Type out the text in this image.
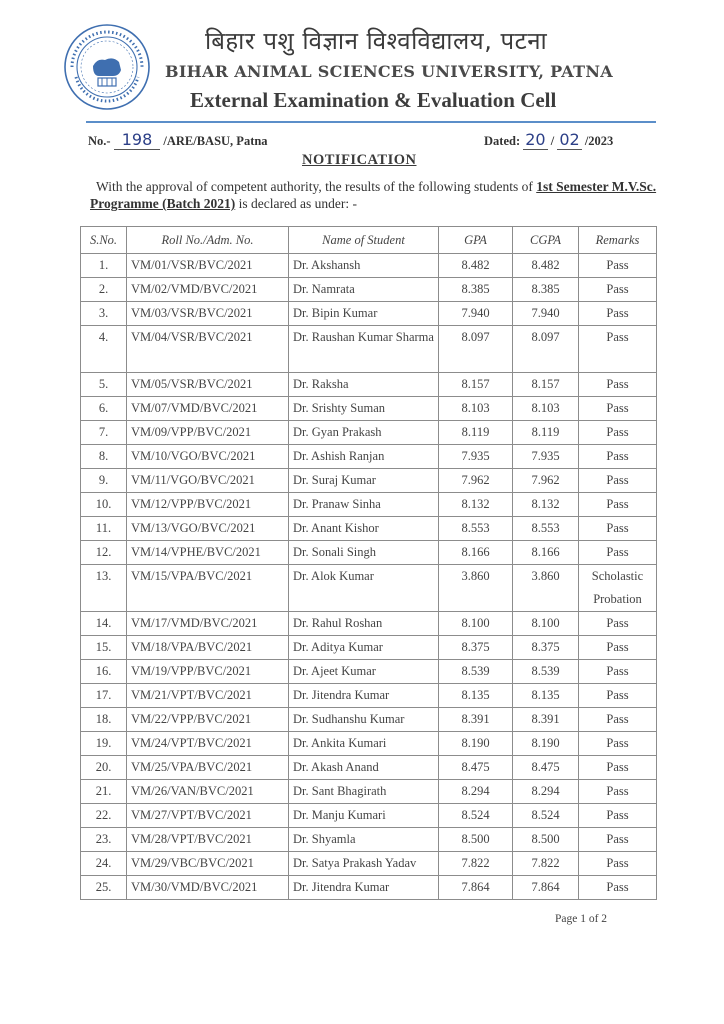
बिहार पशु विज्ञान विश्वविद्यालय, पटना
BIHAR ANIMAL SCIENCES UNIVERSITY, PATNA
External Examination & Evaluation Cell
No.- 198 /ARE/BASU, Patna	Dated: 20 / 02 /2023
NOTIFICATION
With the approval of competent authority, the results of the following students of 1st Semester M.V.Sc. Programme (Batch 2021) is declared as under: -
S.No.	Roll No./Adm. No.	Name of Student	GPA	CGPA	Remarks
1.	VM/01/VSR/BVC/2021	Dr. Akshansh	8.482	8.482	Pass
2.	VM/02/VMD/BVC/2021	Dr. Namrata	8.385	8.385	Pass
3.	VM/03/VSR/BVC/2021	Dr. Bipin Kumar	7.940	7.940	Pass
4.	VM/04/VSR/BVC/2021	Dr. Raushan Kumar Sharma	8.097	8.097	Pass
5.	VM/05/VSR/BVC/2021	Dr. Raksha	8.157	8.157	Pass
6.	VM/07/VMD/BVC/2021	Dr. Srishty Suman	8.103	8.103	Pass
7.	VM/09/VPP/BVC/2021	Dr. Gyan Prakash	8.119	8.119	Pass
8.	VM/10/VGO/BVC/2021	Dr. Ashish Ranjan	7.935	7.935	Pass
9.	VM/11/VGO/BVC/2021	Dr. Suraj Kumar	7.962	7.962	Pass
10.	VM/12/VPP/BVC/2021	Dr. Pranaw Sinha	8.132	8.132	Pass
11.	VM/13/VGO/BVC/2021	Dr. Anant Kishor	8.553	8.553	Pass
12.	VM/14/VPHE/BVC/2021	Dr. Sonali Singh	8.166	8.166	Pass
13.	VM/15/VPA/BVC/2021	Dr. Alok Kumar	3.860	3.860	Scholastic Probation
14.	VM/17/VMD/BVC/2021	Dr. Rahul Roshan	8.100	8.100	Pass
15.	VM/18/VPA/BVC/2021	Dr. Aditya Kumar	8.375	8.375	Pass
16.	VM/19/VPP/BVC/2021	Dr. Ajeet Kumar	8.539	8.539	Pass
17.	VM/21/VPT/BVC/2021	Dr. Jitendra Kumar	8.135	8.135	Pass
18.	VM/22/VPP/BVC/2021	Dr. Sudhanshu Kumar	8.391	8.391	Pass
19.	VM/24/VPT/BVC/2021	Dr. Ankita Kumari	8.190	8.190	Pass
20.	VM/25/VPA/BVC/2021	Dr. Akash Anand	8.475	8.475	Pass
21.	VM/26/VAN/BVC/2021	Dr. Sant Bhagirath	8.294	8.294	Pass
22.	VM/27/VPT/BVC/2021	Dr. Manju Kumari	8.524	8.524	Pass
23.	VM/28/VPT/BVC/2021	Dr. Shyamla	8.500	8.500	Pass
24.	VM/29/VBC/BVC/2021	Dr. Satya Prakash Yadav	7.822	7.822	Pass
25.	VM/30/VMD/BVC/2021	Dr. Jitendra Kumar	7.864	7.864	Pass
Page 1 of 2
